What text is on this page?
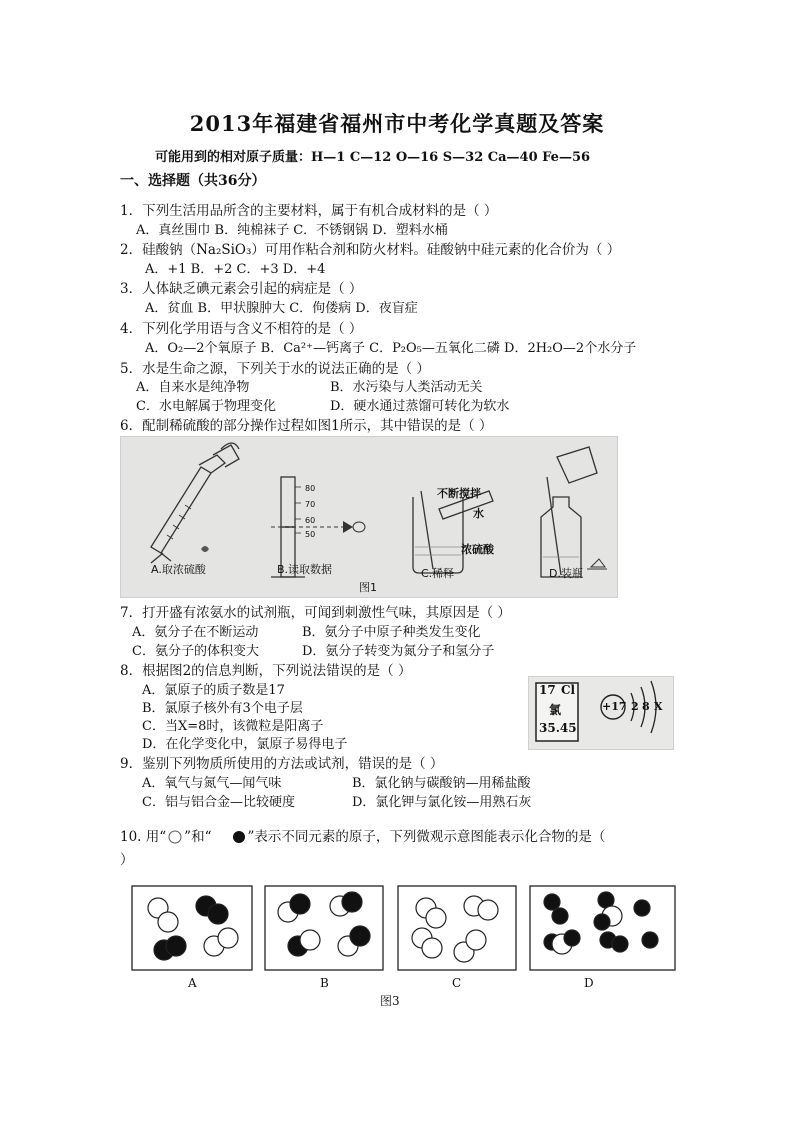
2013年福建省福州市中考化学真题及答案
可能用到的相对原子质量：H—1 C—12 O—16 S—32 Ca—40 Fe—56
一、选择题（共36分）
1．下列生活用品所含的主要材料，属于有机合成材料的是（ ）
A．真丝围巾 B．纯棉袜子 C．不锈钢锅 D．塑料水桶
2．硅酸钠（Na₂SiO₃）可用作粘合剂和防火材料。硅酸钠中硅元素的化合价为（ ）
A．+1 B．+2 C．+3 D．+4
3．人体缺乏碘元素会引起的病症是（ ）
A．贫血 B．甲状腺肿大 C．佝偻病 D．夜盲症
4．下列化学用语与含义不相符的是（ ）
A．O₂—2个氧原子 B．Ca²⁺—钙离子 C．P₂O₅—五氧化二磷 D．2H₂O—2个水分子
5．水是生命之源，下列关于水的说法正确的是（ ）
A．自来水是纯净物	B．水污染与人类活动无关
C．水电解属于物理变化	D．硬水通过蒸馏可转化为软水
6．配制稀硫酸的部分操作过程如图1所示，其中错误的是（ ）
80
70
60
50
不断搅拌
水
浓硫酸
A.取浓硫酸	B.读取数据	C.稀释	D.装瓶
图1
7．打开盛有浓氨水的试剂瓶，可闻到刺激性气味，其原因是（ ）
A．氨分子在不断运动	B．氨分子中原子种类发生变化
C．氨分子的体积变大	D．氨分子转变为氮分子和氢分子
8．根据图2的信息判断，下列说法错误的是（ ）
A．氯原子的质子数是17
B．氯原子核外有3个电子层
C．当X=8时，该微粒是阳离子
D．在化学变化中，氯原子易得电子
17 Cl
氯
35.45
+17 2 8 X
9．鉴别下列物质所使用的方法或试剂，错误的是（ ）
A．氧气与氮气—闻气味	B．氯化钠与碳酸钠—用稀盐酸
C．铝与铝合金—比较硬度	D．氯化钾与氯化铵—用熟石灰
10. 用“ ”和“	”表示不同元素的原子，下列微观示意图能表示化合物的是（
）
A	B	C	D
图3
